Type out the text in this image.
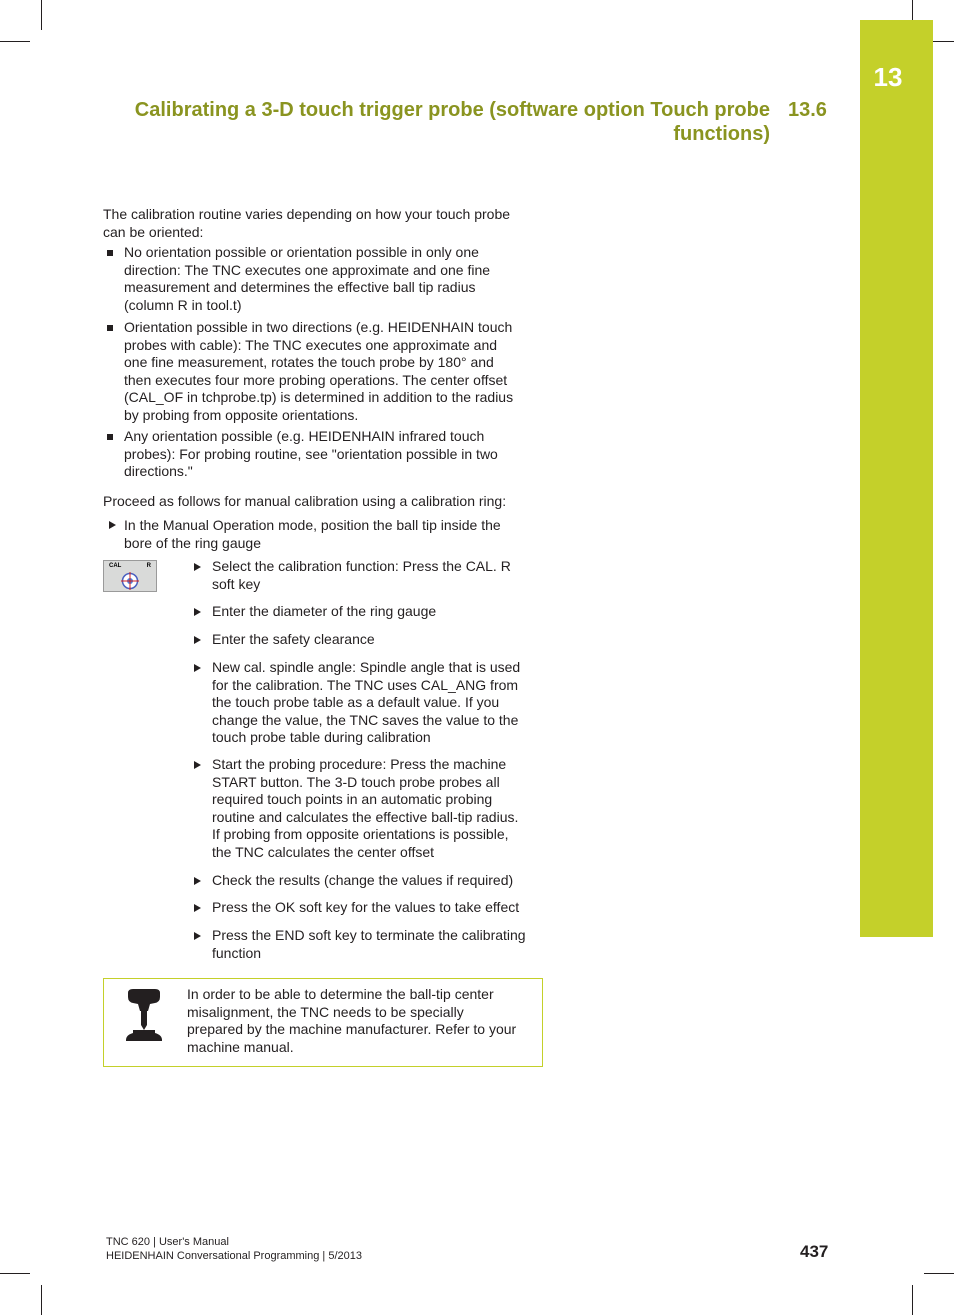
13
Calibrating a 3-D touch trigger probe (software option Touch probe
functions)
13.6
The calibration routine varies depending on how your touch probe
can be oriented:
No orientation possible or orientation possible in only one
direction: The TNC executes one approximate and one fine
measurement and determines the effective ball tip radius
(column R in tool.t)
Orientation possible in two directions (e.g. HEIDENHAIN touch
probes with cable): The TNC executes one approximate and
one fine measurement, rotates the touch probe by 180° and
then executes four more probing operations. The center offset
(CAL_OF in tchprobe.tp) is determined in addition to the radius
by probing from opposite orientations.
Any orientation possible (e.g. HEIDENHAIN infrared touch
probes): For probing routine, see "orientation possible in two
directions."
Proceed as follows for manual calibration using a calibration ring:
In the Manual Operation mode, position the ball tip inside the
bore of the ring gauge
CAL	R	Select the calibration function: Press the CAL. R
soft key
Enter the diameter of the ring gauge
Enter the safety clearance
New cal. spindle angle: Spindle angle that is used
for the calibration. The TNC uses CAL_ANG from
the touch probe table as a default value. If you
change the value, the TNC saves the value to the
touch probe table during calibration
Start the probing procedure: Press the machine
START button. The 3-D touch probe probes all
required touch points in an automatic probing
routine and calculates the effective ball-tip radius.
If probing from opposite orientations is possible,
the TNC calculates the center offset
Check the results (change the values if required)
Press the OK soft key for the values to take effect
Press the END soft key to terminate the calibrating
function
In order to be able to determine the ball-tip center
misalignment, the TNC needs to be specially
prepared by the machine manufacturer. Refer to your
machine manual.
TNC 620 | User's Manual
HEIDENHAIN Conversational Programming | 5/2013	437
